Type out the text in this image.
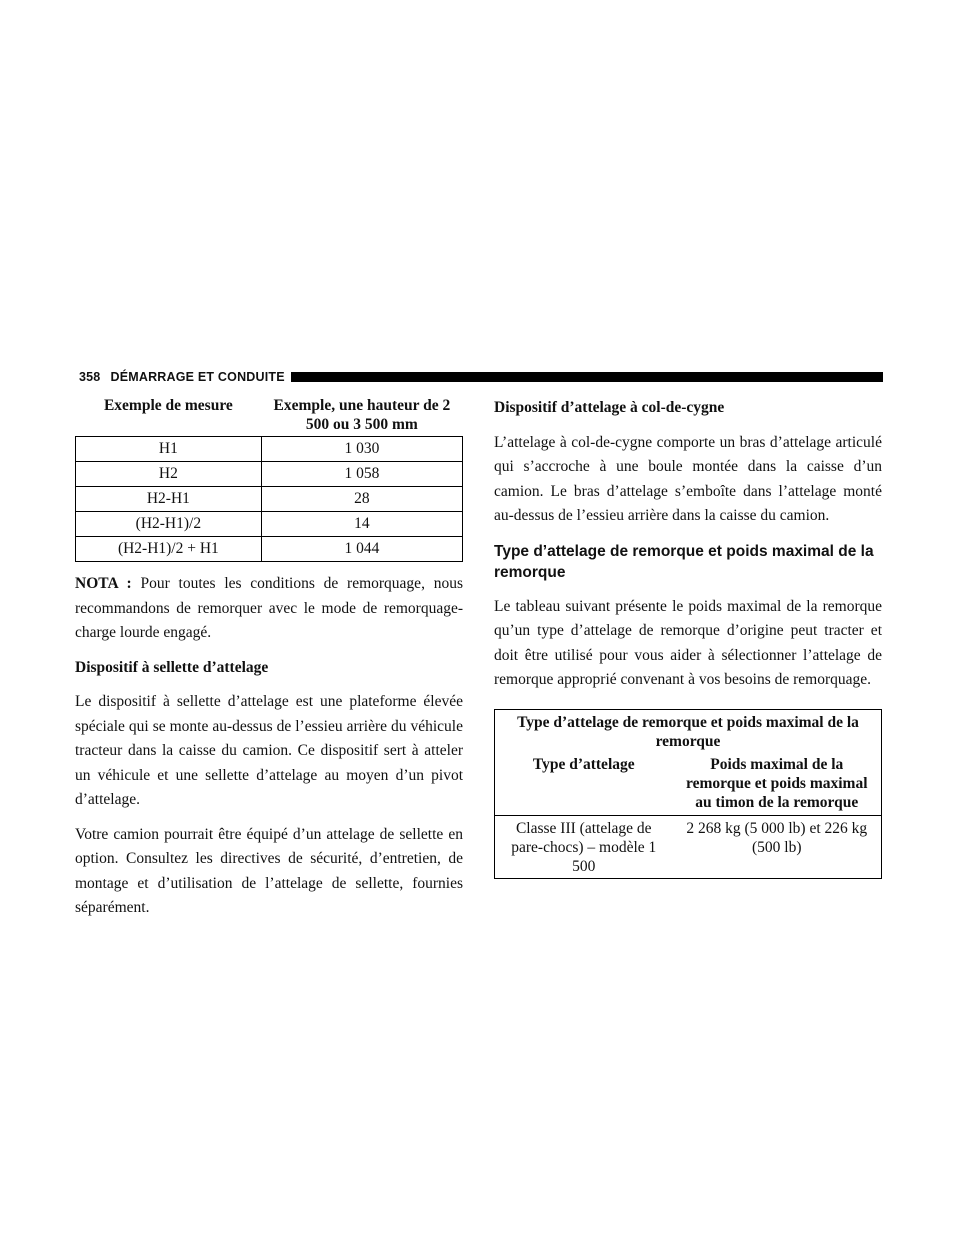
358 DÉMARRAGE ET CONDUITE
Exemple de mesure	Exemple, une hauteur de 2 500 ou 3 500 mm
H1	1 030
H2	1 058
H2-H1	28
(H2-H1)/2	14
(H2-H1)/2 + H1	1 044

NOTA : Pour toutes les conditions de remorquage, nous recommandons de remorquer avec le mode de remorquage-charge lourde engagé.

Dispositif à sellette d’attelage

Le dispositif à sellette d’attelage est une plateforme élevée spéciale qui se monte au-dessus de l’essieu arrière du véhicule tracteur dans la caisse du camion. Ce dispositif sert à atteler un véhicule et une sellette d’attelage au moyen d’un pivot d’attelage.

Votre camion pourrait être équipé d’un attelage de sellette en option. Consultez les directives de sécurité, d’entretien, de montage et d’utilisation de l’attelage de sellette, fournies séparément.

Dispositif d’attelage à col-de-cygne

L’attelage à col-de-cygne comporte un bras d’attelage articulé qui s’accroche à une boule montée dans la caisse d’un camion. Le bras d’attelage s’emboîte dans l’attelage monté au-dessus de l’essieu arrière dans la caisse du camion.

Type d’attelage de remorque et poids maximal de la remorque

Le tableau suivant présente le poids maximal de la remorque qu’un type d’attelage de remorque d’origine peut tracter et doit être utilisé pour vous aider à sélectionner l’attelage de remorque approprié convenant à vos besoins de remorquage.

Type d’attelage de remorque et poids maximal de la remorque	
Type d’attelage	Poids maximal de la remorque et poids maximal au timon de la remorque
Classe III (attelage de pare-chocs) – modèle 1 500	2 268 kg (5 000 lb) et 226 kg (500 lb)
